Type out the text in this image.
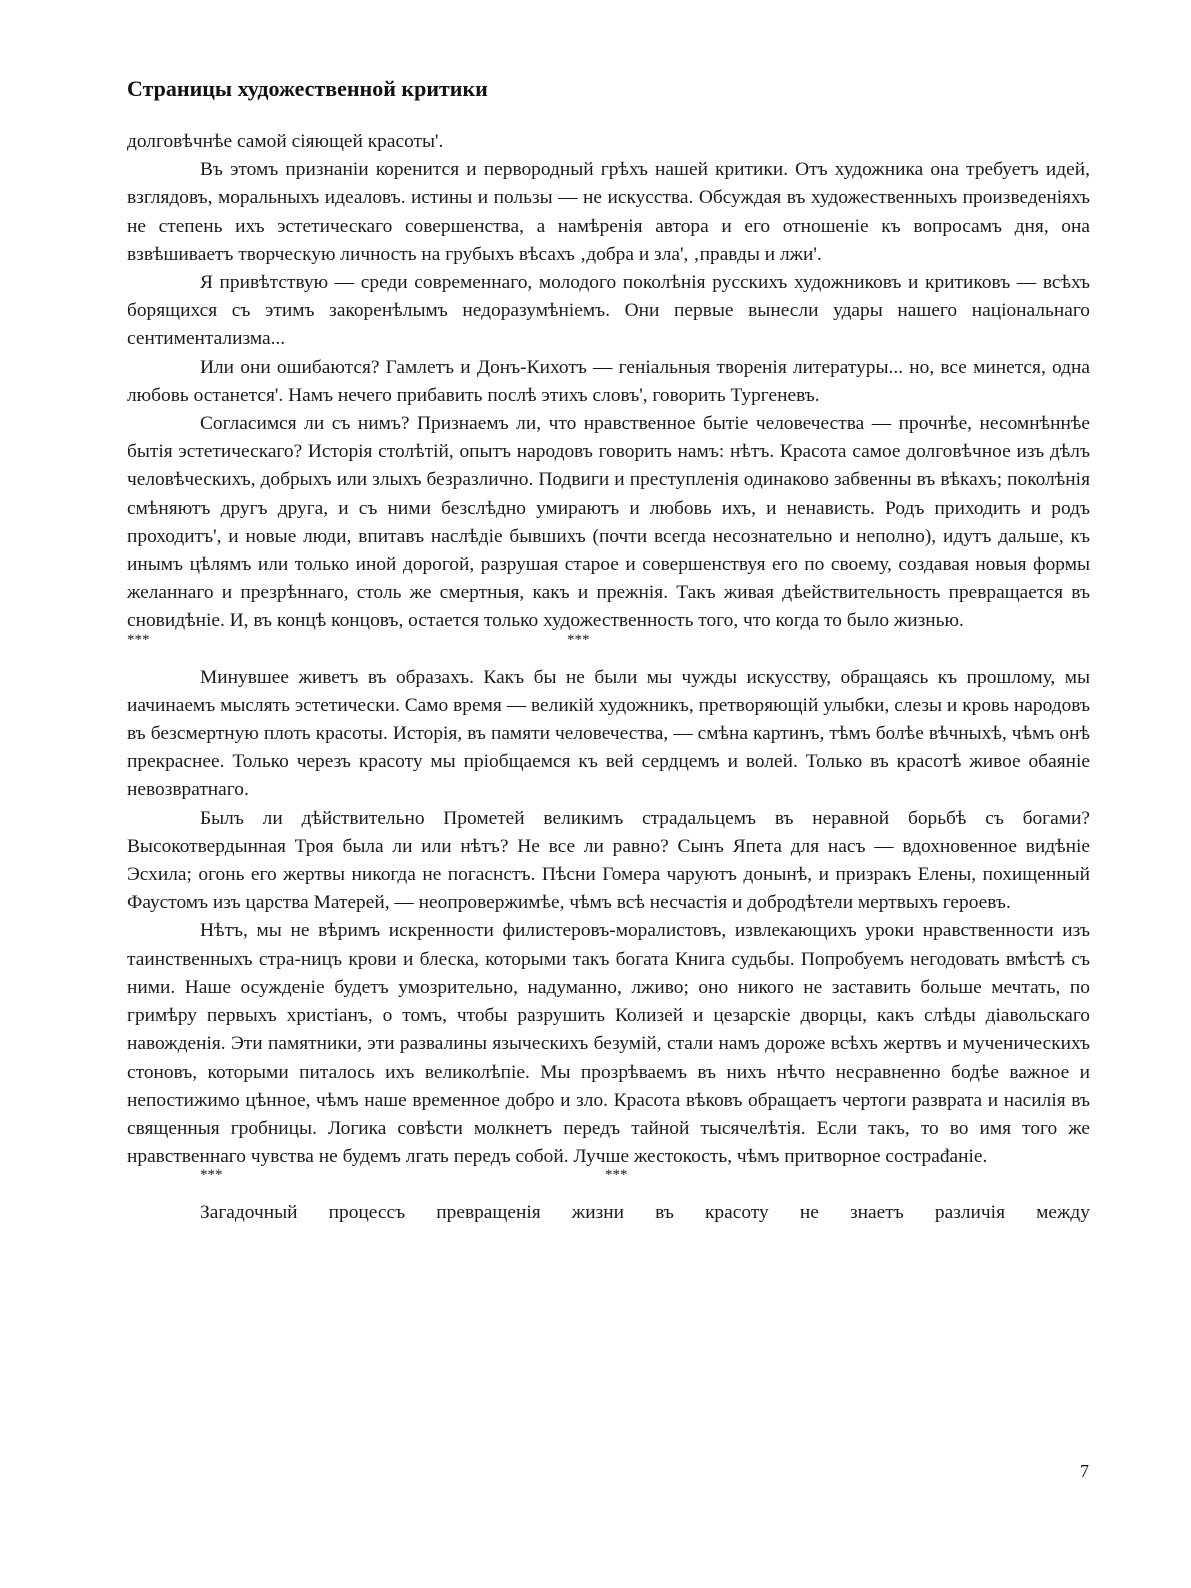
Страницы художественной критики

долговѣчнѣе самой сіяющей красоты'.

Въ этомъ признаніи коренится и первородный грѣхъ нашей критики. Отъ художника она требуетъ идей, взглядовъ, моральныхъ идеаловъ. истины и пользы — не искусства. Обсуждая въ художественныхъ произведеніяхъ не степень ихъ эстетическаго совершенства, а намѣренія автора и его отношеніе къ вопросамъ дня, она взвѣшиваетъ творческую личность на грубыхъ вѣсахъ ‚добра и зла', ‚правды и лжи'.

Я привѣтствую — среди современнаго, молодого поколѣнія русскихъ художниковъ и критиковъ — всѣхъ борящихся съ этимъ закоренѣлымъ недоразумѣніемъ. Они первые вынесли удары нашего національнаго сентиментализма...

Или они ошибаются? Гамлетъ и Донъ-Кихотъ — геніальныя творенія литературы... но, все минется, одна любовь останется'. Намъ нечего прибавить послѣ этихъ словъ', говорить Тургеневъ.

Согласимся ли съ нимъ? Признаемъ ли, что нравственное бытіе человечества — прочнѣе, несомнѣннѣе бытія эстетическаго? Исторія столѣтій, опытъ народовъ говорить намъ: нѣтъ. Красота самое долговѣчное изъ дѣлъ человѣческихъ, добрыхъ или злыхъ безразлично. Подвиги и преступленія одинаково забвенны въ вѣкахъ; поколѣнія смѣняютъ другъ друга, и съ ними безслѣдно умираютъ и любовь ихъ, и ненависть. Родъ приходить и родъ проходитъ', и новые люди, впитавъ наслѣдіе бывшихъ (почти всегда несознательно и неполно), идутъ дальше, къ инымъ цѣлямъ или только иной дорогой, разрушая старое и совершенствуя его по своему, создавая новыя формы желаннаго и презрѣннаго, столь же смертныя, какъ и прежнія. Такъ живая дѣействительность превращается въ сновидѣніе. И, въ концѣ концовъ, остается только художественность того, что когда то было жизнью.

***	***

Минувшее живетъ въ образахъ. Какъ бы не были мы чужды искусству, обращаясь къ прошлому, мы иачинаемъ мыслять эстетически. Само время — великій художникъ, претворяющій улыбки, слезы и кровь народовъ въ безсмертную плоть красоты. Исторія, въ памяти человечества, — смѣна картинъ, тѣмъ болѣе вѣчныхѣ, чѣмъ онѣ прекраснее. Только черезъ красоту мы пріобщаемся къ вей сердцемъ и волей. Только въ красотѣ живое обаяніе невозвратнаго.

Былъ ли дѣйствительно Прометей великимъ страдальцемъ въ неравной борьбѣ съ богами? Высокотвердынная Троя была ли или нѣтъ? Не все ли равно? Сынъ Япета для насъ — вдохновенное видѣніе Эсхила; огонь его жертвы никогда не погаснстъ. Пѣсни Гомера чаруютъ донынѣ, и призракъ Елены, похищенный Фаустомъ изъ царства Матерей, — неопровержимѣе, чѣмъ всѣ несчастія и добродѣтели мертвыхъ героевъ.

Нѣтъ, мы не вѣримъ искренности филистеровъ-моралистовъ, извлекающихъ уроки нравственности изъ таинственныхъ стра-ницъ крови и блеска, которыми такъ богата Книга судьбы. Попробуемъ негодовать вмѣстѣ съ ними. Наше осужденіе будетъ умозрительно, надуманно, лживо; оно никого не заставить больше мечтать, по гримѣру первыхъ христіанъ, о томъ, чтобы разрушить Колизей и цезарскіе дворцы, какъ слѣды діавольскаго навожденія. Эти памятники, эти развалины языческихъ безумій, стали намъ дороже всѣхъ жертвъ и мученическихъ стоновъ, которыми питалось ихъ великолѣпіе. Мы прозрѣваемъ въ нихъ нѣчто несравненно бодѣе важное и непостижимо цѣнное, чѣмъ наше временное добро и зло. Красота вѣковъ обращаетъ чертоги разврата и насилія въ священныя гробницы. Логика совѣсти молкнетъ передъ тайной тысячелѣтія. Если такъ, то во имя того же нравственнаго чувства не будемъ лгать передъ собой. Лучше жестокость, чѣмъ притворное сострađаніе.

***	***

Загадочный процессъ превращенія жизни въ красоту не знаетъ различія между

7
